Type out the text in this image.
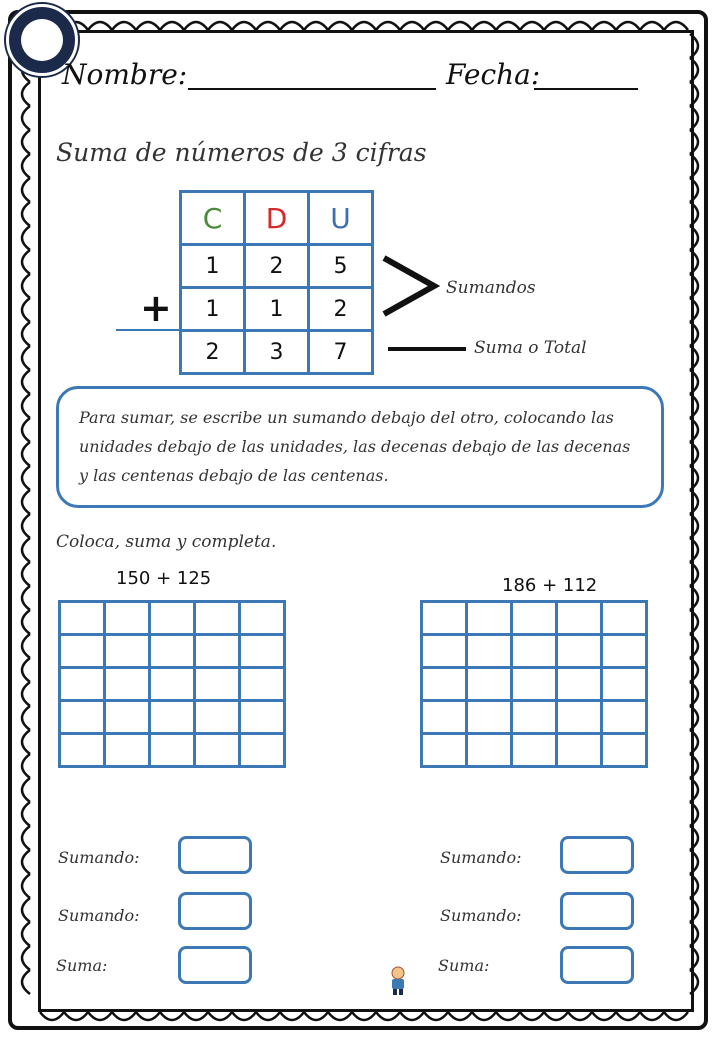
Nombre:	Fecha:
Suma de números de 3 cifras
C	D	U
1	2	5
1	1	2
2	3	7
+	Sumandos
Suma o Total
Para sumar, se escribe un sumando debajo del otro, colocando las unidades debajo de las unidades, las decenas debajo de las decenas y las centenas debajo de las centenas.
Coloca, suma y completa.
150 + 125

					186 + 112

Sumando:
Sumando:
Suma:
Sumando:
Sumando:
Suma:
